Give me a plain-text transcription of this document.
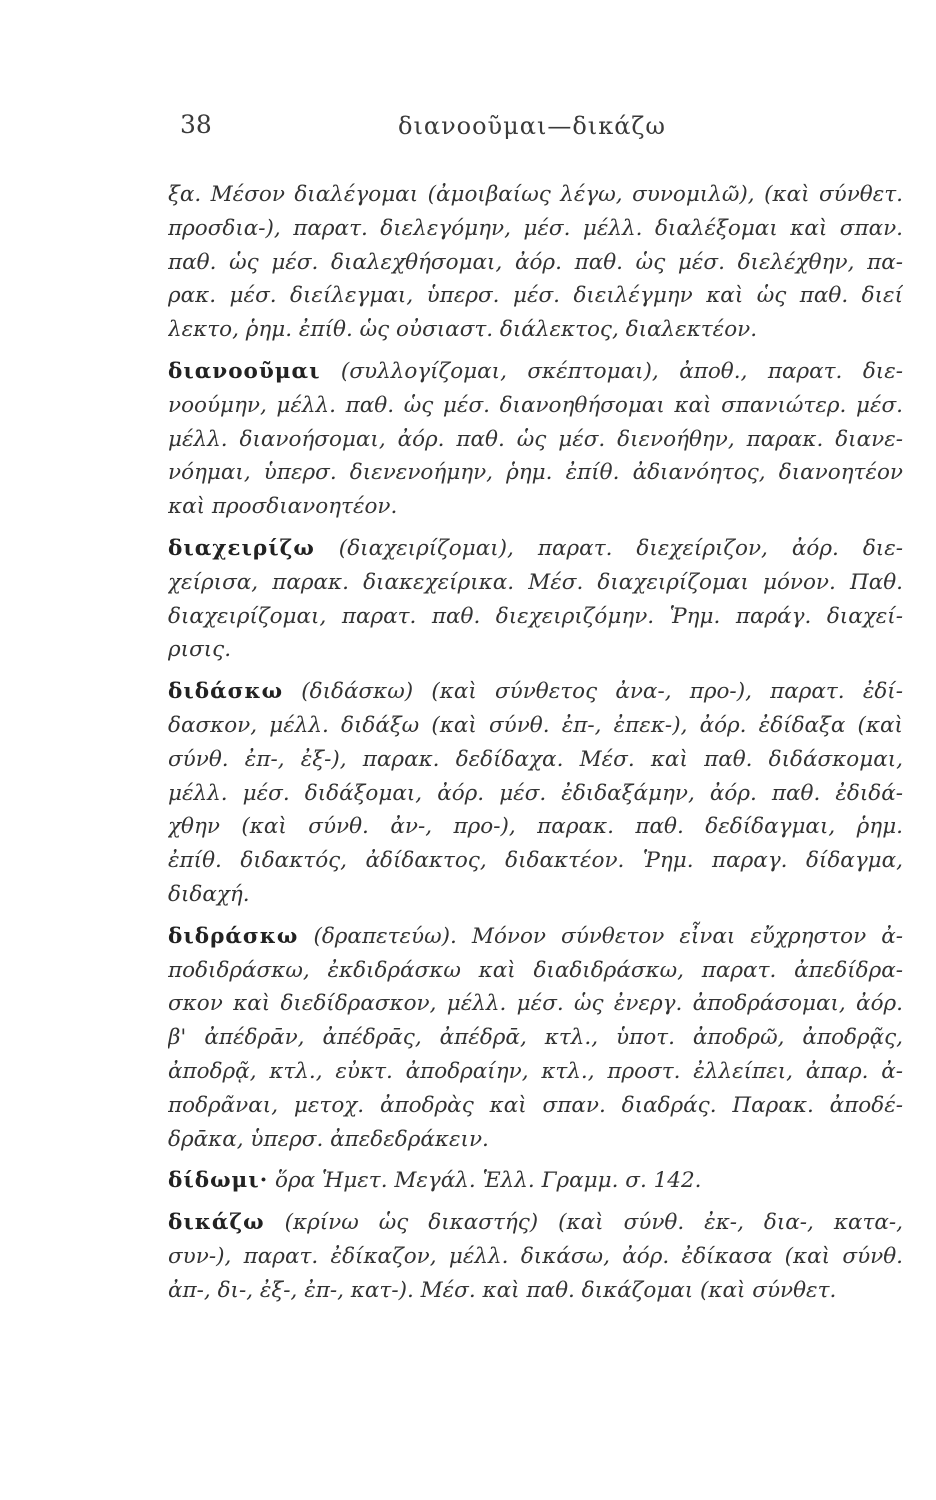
38	διανοοῦμαι—δικάζω
ξα. Μέσον διαλέγομαι (ἀμοιβαίως λέγω, συνομιλῶ), (καὶ σύνθετ.
προσδια-), παρατ. διελεγόμην, μέσ. μέλλ. διαλέξομαι καὶ σπαν.
παθ. ὡς μέσ. διαλεχθήσομαι, ἀόρ. παθ. ὡς μέσ. διελέχθην, πα-
ρακ. μέσ. διείλεγμαι, ὑπερσ. μέσ. διειλέγμην καὶ ὡς παθ. διεί
λεκτο, ῥημ. ἐπίθ. ὡς οὐσιαστ. διάλεκτος, διαλεκτέον.
διανοοῦμαι (συλλογίζομαι, σκέπτομαι), ἀποθ., παρατ. διε-
νοούμην, μέλλ. παθ. ὡς μέσ. διανοηθήσομαι καὶ σπανιώτερ. μέσ.
μέλλ. διανοήσομαι, ἀόρ. παθ. ὡς μέσ. διενοήθην, παρακ. διανε-
νόημαι, ὑπερσ. διενενοήμην, ῥημ. ἐπίθ. ἀδιανόητος, διανοητέον
καὶ προσδιανοητέον.
διαχειρίζω (διαχειρίζομαι), παρατ. διεχείριζον, ἀόρ. διε-
χείρισα, παρακ. διακεχείρικα. Μέσ. διαχειρίζομαι μόνον. Παθ.
διαχειρίζομαι, παρατ. παθ. διεχειριζόμην. Ῥημ. παράγ. διαχεί-
ρισις.
διδάσκω (διδάσκω) (καὶ σύνθετος ἀνα-, προ-), παρατ. ἐδί-
δασκον, μέλλ. διδάξω (καὶ σύνθ. ἐπ-, ἐπεκ-), ἀόρ. ἐδίδαξα (καὶ
σύνθ. ἐπ-, ἐξ-), παρακ. δεδίδαχα. Μέσ. καὶ παθ. διδάσκομαι,
μέλλ. μέσ. διδάξομαι, ἀόρ. μέσ. ἐδιδαξάμην, ἀόρ. παθ. ἐδιδά-
χθην (καὶ σύνθ. ἀν-, προ-), παρακ. παθ. δεδίδαγμαι, ῥημ.
ἐπίθ. διδακτός, ἀδίδακτος, διδακτέον. Ῥημ. παραγ. δίδαγμα,
διδαχή.
διδράσκω (δραπετεύω). Μόνον σύνθετον εἶναι εὔχρηστον ἀ-
ποδιδράσκω, ἐκδιδράσκω καὶ διαδιδράσκω, παρατ. ἀπεδίδρα-
σκον καὶ διεδίδρασκον, μέλλ. μέσ. ὡς ἐνεργ. ἀποδράσομαι, ἀόρ.
β' ἀπέδρᾱν, ἀπέδρᾱς, ἀπέδρᾱ, κτλ., ὑποτ. ἀποδρῶ, ἀποδρᾷς,
ἀποδρᾷ, κτλ., εὐκτ. ἀποδραίην, κτλ., προστ. ἐλλείπει, ἀπαρ. ἀ-
ποδρᾶναι, μετοχ. ἀποδρὰς καὶ σπαν. διαδράς. Παρακ. ἀποδέ-
δρᾱκα, ὑπερσ. ἀπεδεδράκειν.
δίδωμι· ὅρα Ἡμετ. Μεγάλ. Ἑλλ. Γραμμ. σ. 142.
δικάζω (κρίνω ὡς δικαστής) (καὶ σύνθ. ἐκ-, δια-, κατα-,
συν-), παρατ. ἐδίκαζον, μέλλ. δικάσω, ἀόρ. ἐδίκασα (καὶ σύνθ.
ἀπ-, δι-, ἐξ-, ἐπ-, κατ-). Μέσ. καὶ παθ. δικάζομαι (καὶ σύνθετ.
